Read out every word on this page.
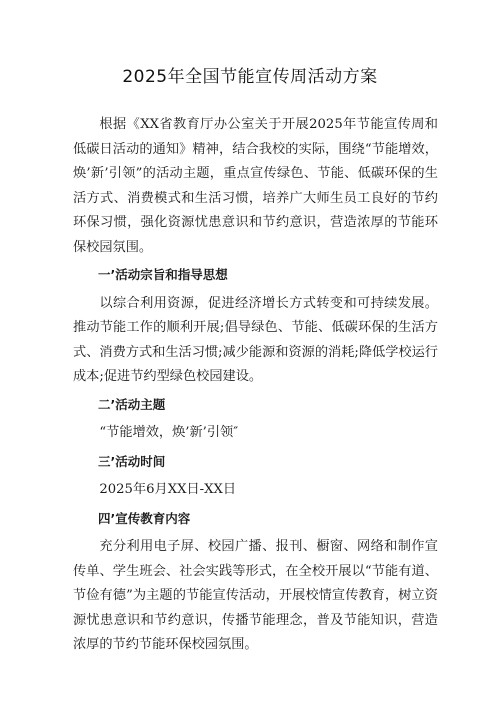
2025年全国节能宣传周活动方案

根据《XX省教育厅办公室关于开展2025年节能宣传周和低碳日活动的通知》精神，结合我校的实际，围绕“节能增效，焕’新’引领”的活动主题，重点宣传绿色、节能、低碳环保的生活方式、消费模式和生活习惯，培养广大师生员工良好的节约环保习惯，强化资源忧患意识和节约意识，营造浓厚的节能环保校园氛围。

一’活动宗旨和指导思想

以综合利用资源，促进经济增长方式转变和可持续发展。推动节能工作的顺利开展;倡导绿色、节能、低碳环保的生活方式、消费方式和生活习惯;减少能源和资源的消耗;降低学校运行成本;促进节约型绿色校园建设。

二’活动主题
“节能增效，焕’新’引领″
三’活动时间
2025年6月XX日-XX日
四’宣传教育内容

充分利用电子屏、校园广播、报刊、橱窗、网络和制作宣传单、学生班会、社会实践等形式，在全校开展以“节能有道、节俭有德”为主题的节能宣传活动，开展校情宣传教育，树立资源忧患意识和节约意识，传播节能理念，普及节能知识，营造浓厚的节约节能环保校园氛围。
